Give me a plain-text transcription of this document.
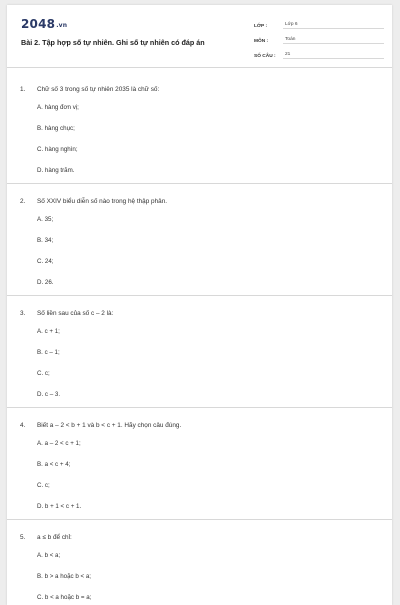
2048.vn
Bài 2. Tập hợp số tự nhiên. Ghi số tự nhiên có đáp án
LỚP :	Lớp 6
MÔN :	Toán
SỐ CÂU :	21
1.	Chữ số 3 trong số tự nhiên 2035 là chữ số:
A. hàng đơn vị;
B. hàng chục;
C. hàng nghìn;
D. hàng trăm.
2.	Số XXIV biểu diễn số nào trong hệ thập phân.
A. 35;
B. 34;
C. 24;
D. 26.
3.	Số liền sau của số c – 2 là:
A. c + 1;
B. c – 1;
C. c;
D. c – 3.
4.	Biết a – 2 < b + 1 và b < c + 1. Hãy chọn câu đúng.
A. a – 2 < c + 1;
B. a < c + 4;
C. c;
D. b + 1 < c + 1.
5.	a ≤ b để chỉ:
A. b < a;
B. b > a hoặc b < a;
C. b < a hoặc b = a;
